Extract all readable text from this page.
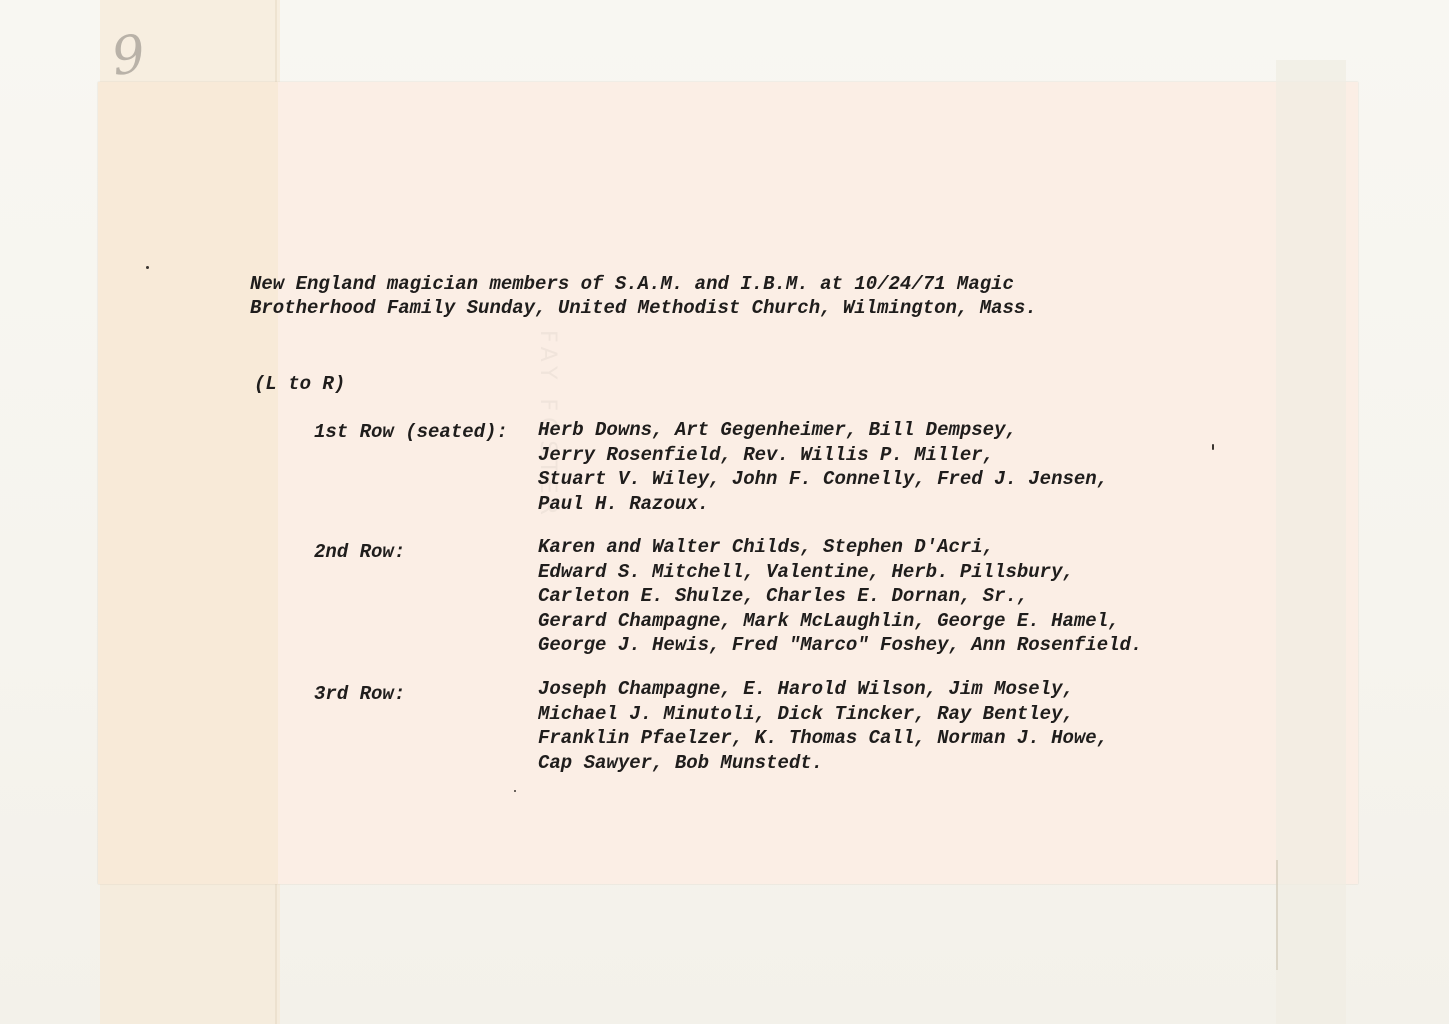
9
FAY FOSTER
New England magician members of S.A.M. and I.B.M. at 10/24/71 Magic
Brotherhood Family Sunday, United Methodist Church, Wilmington, Mass.
(L to R)
1st Row (seated): Herb Downs, Art Gegenheimer, Bill Dempsey,
Jerry Rosenfield, Rev. Willis P. Miller,
Stuart V. Wiley, John F. Connelly, Fred J. Jensen,
Paul H. Razoux.
2nd Row:	Karen and Walter Childs, Stephen D'Acri,
Edward S. Mitchell, Valentine, Herb. Pillsbury,
Carleton E. Shulze, Charles E. Dornan, Sr.,
Gerard Champagne, Mark McLaughlin, George E. Hamel,
George J. Hewis, Fred "Marco" Foshey, Ann Rosenfield.
3rd Row:	Joseph Champagne, E. Harold Wilson, Jim Mosely,
Michael J. Minutoli, Dick Tincker, Ray Bentley,
Franklin Pfaelzer, K. Thomas Call, Norman J. Howe,
Cap Sawyer, Bob Munstedt.
